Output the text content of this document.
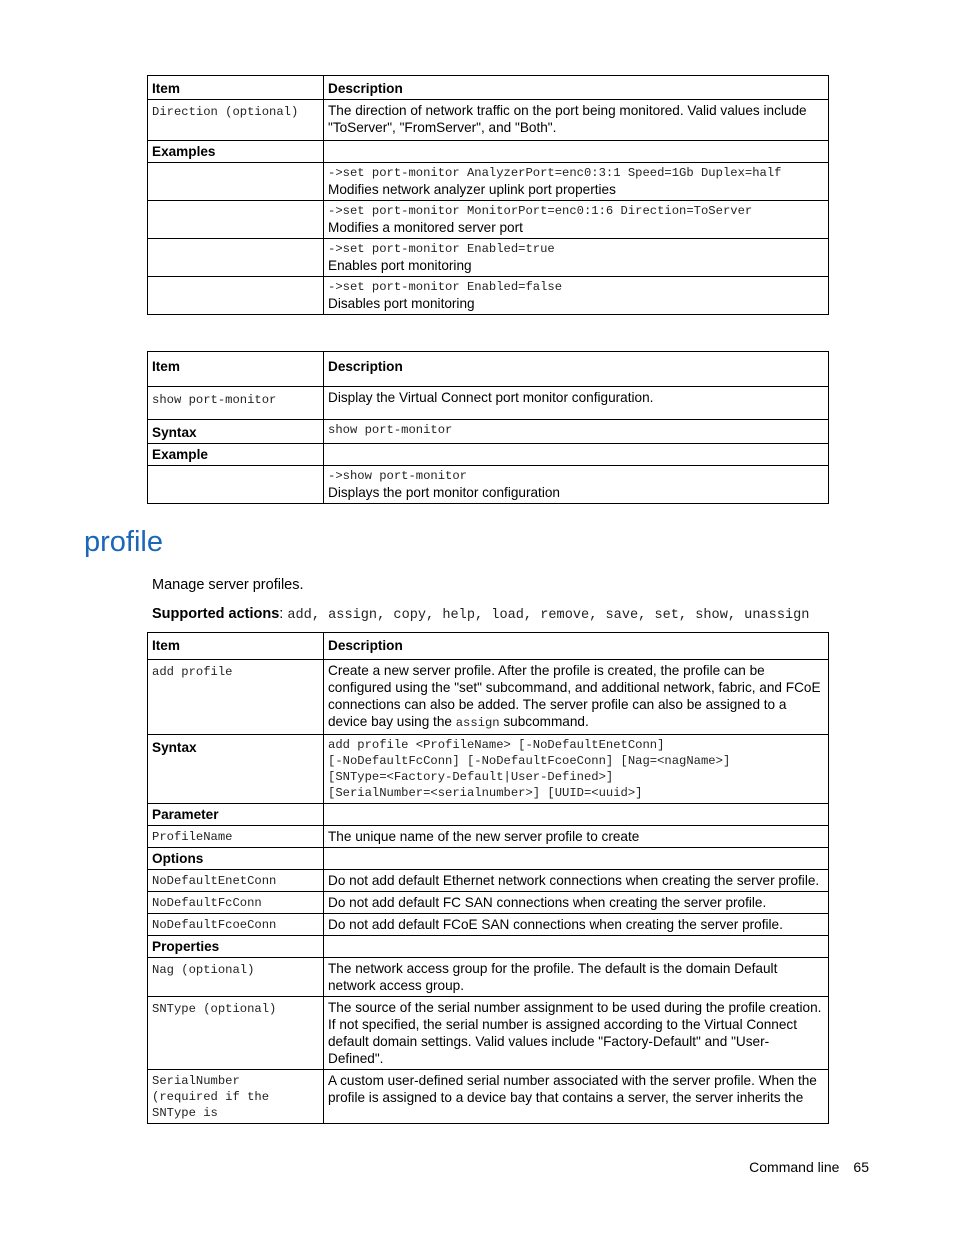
Item	Description
Direction (optional)	The direction of network traffic on the port being monitored. Valid values include "ToServer", "FromServer", and "Both".
Examples	

	->set port-monitor AnalyzerPort=enc0:3:1 Speed=1Gb Duplex=half
Modifies network analyzer uplink port properties

	->set port-monitor MonitorPort=enc0:1:6 Direction=ToServer
Modifies a monitored server port

	->set port-monitor Enabled=true
Enables port monitoring

	->set port-monitor Enabled=false
Disables port monitoring
Item	Description
show port-monitor	Display the Virtual Connect port monitor configuration.
Syntax	show port-monitor
Example	

	->show port-monitor
Displays the port monitor configuration
profile
Manage server profiles.
Supported actions: add, assign, copy, help, load, remove, save, set, show, unassign
Item	Description
add profile	Create a new server profile. After the profile is created, the profile can be configured using the "set" subcommand, and additional network, fabric, and FCoE connections can also be added. The server profile can also be assigned to a device bay using the assign subcommand.
Syntax	add profile <ProfileName> [-NoDefaultEnetConn]
[-NoDefaultFcConn] [-NoDefaultFcoeConn] [Nag=<nagName>]
[SNType=<Factory-Default|User-Defined>]
[SerialNumber=<serialnumber>] [UUID=<uuid>]
Parameter	
ProfileName	The unique name of the new server profile to create
Options	
NoDefaultEnetConn	Do not add default Ethernet network connections when creating the server profile.
NoDefaultFcConn	Do not add default FC SAN connections when creating the server profile.
NoDefaultFcoeConn	Do not add default FCoE SAN connections when creating the server profile.
Properties	
Nag (optional)	The network access group for the profile. The default is the domain Default network access group.
SNType (optional)	The source of the serial number assignment to be used during the profile creation. If not specified, the serial number is assigned according to the Virtual Connect default domain settings. Valid values include "Factory-Default" and "User-Defined".
SerialNumber
(required if the
SNType is	A custom user-defined serial number associated with the server profile. When the profile is assigned to a device bay that contains a server, the server inherits the
Command line 65
